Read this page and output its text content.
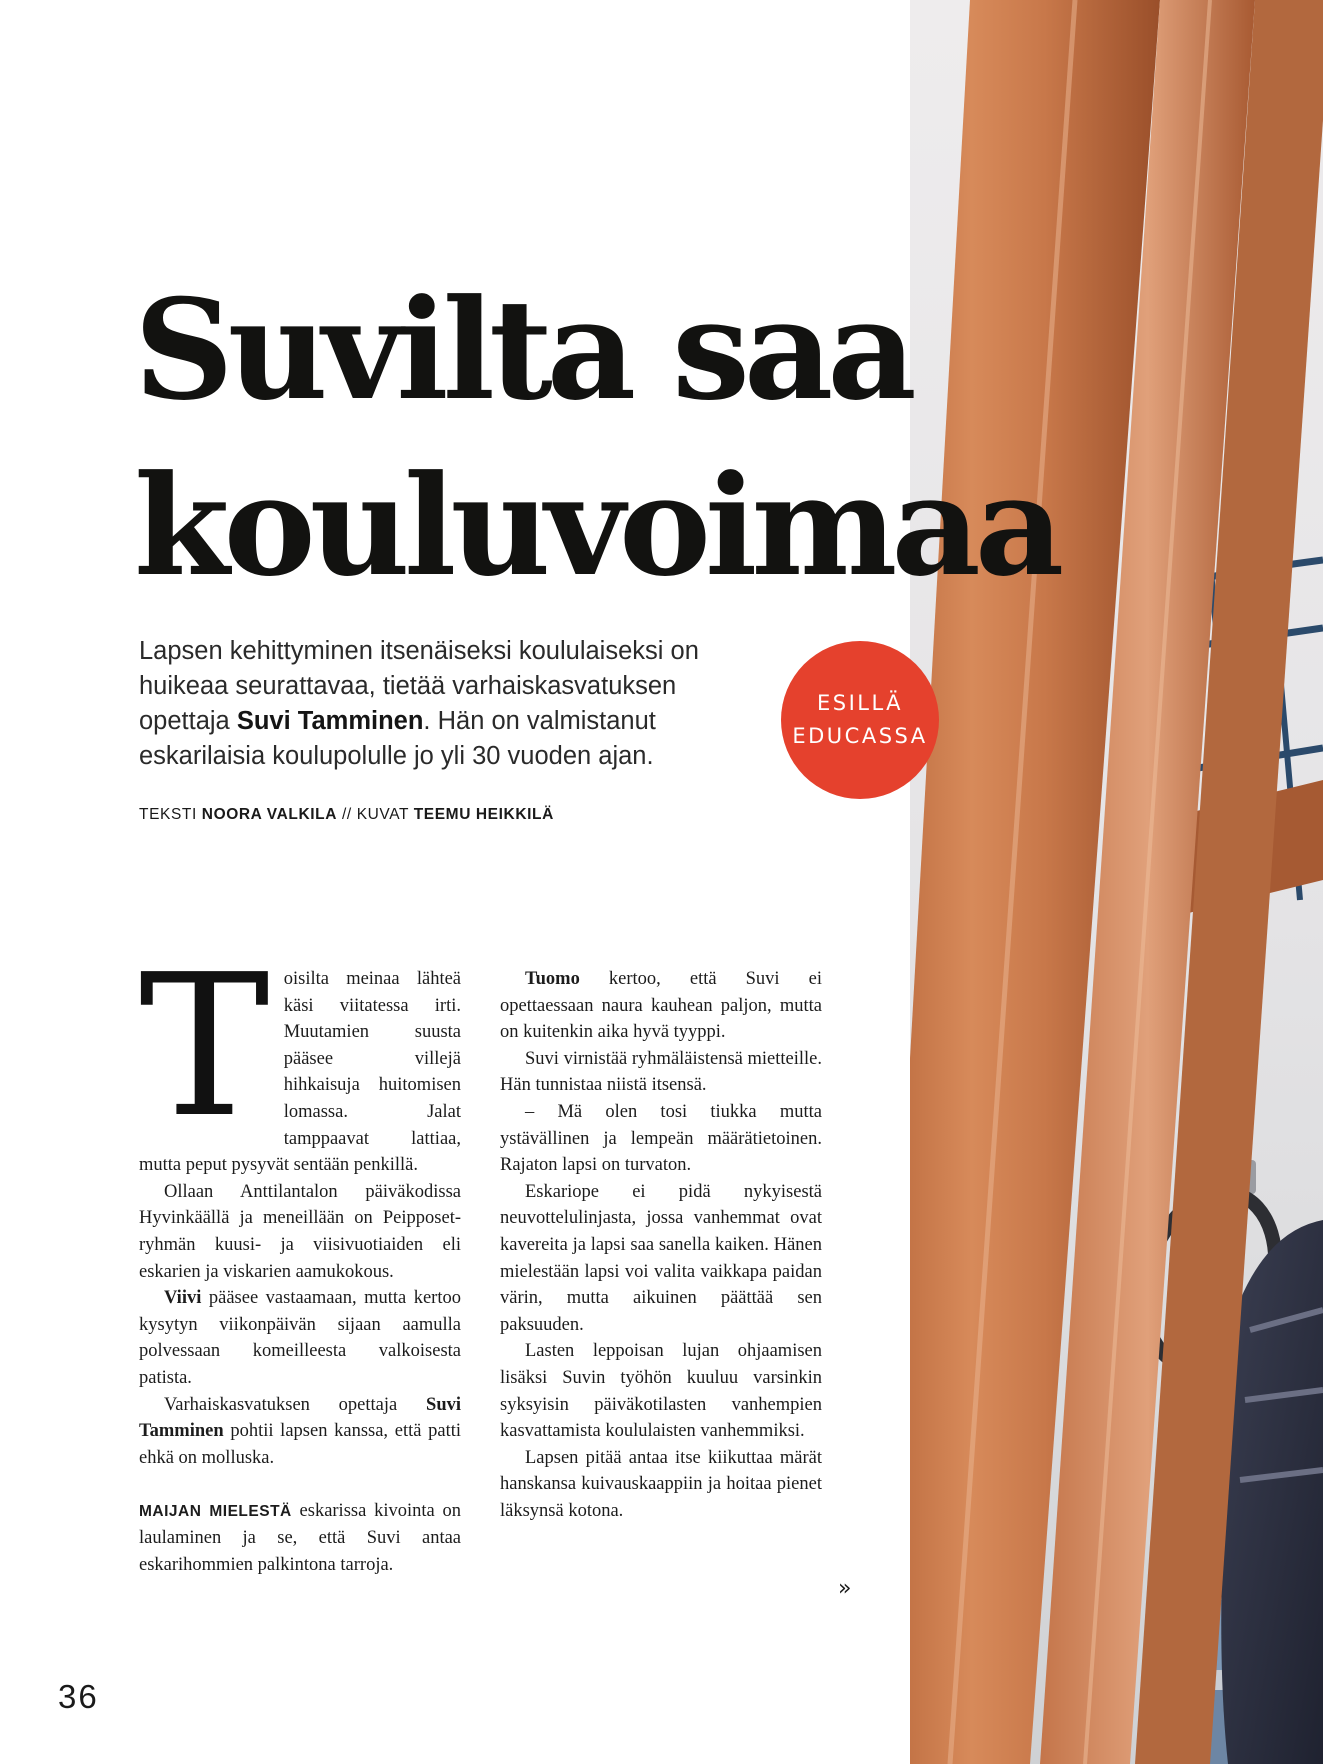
Suvilta saa
kouluvoimaa

Lapsen kehittyminen itsenäiseksi koululaiseksi on huikeaa seurattavaa, tietää varhaiskasvatuksen opettaja Suvi Tamminen. Hän on valmistanut eskarilaisia koulupolulle jo yli 30 vuoden ajan.

TEKSTI NOORA VALKILA // KUVAT TEEMU HEIKKILÄ
ESILLÄ
EDUCASSA

Toisilta meinaa lähteä käsi viitatessa irti. Muutamien suusta pääsee villejä hihkaisuja huitomisen lomassa. Jalat tamppaavat lattiaa, mutta peput pysyvät sentään penkillä.

Ollaan Anttilantalon päiväkodissa Hyvinkäällä ja meneillään on Peipposet-ryhmän kuusi- ja viisivuotiaiden eli eskarien ja viskarien aamukokous.

Viivi pääsee vastaamaan, mutta kertoo kysytyn viikonpäivän sijaan aamulla polvessaan komeilleesta valkoisesta patista.

Varhaiskasvatuksen opettaja Suvi Tamminen pohtii lapsen kanssa, että patti ehkä on molluska.

MAIJAN MIELESTÄ eskarissa kivointa on laulaminen ja se, että Suvi antaa eskarihommien palkintona tarroja.

Tuomo kertoo, että Suvi ei opettaessaan naura kauhean paljon, mutta on kuitenkin aika hyvä tyyppi.

Suvi virnistää ryhmäläistensä mietteille. Hän tunnistaa niistä itsensä.

– Mä olen tosi tiukka mutta ystävällinen ja lempeän määrätietoinen. Rajaton lapsi on turvaton.

Eskariope ei pidä nykyisestä neuvottelulinjasta, jossa vanhemmat ovat kavereita ja lapsi saa sanella kaiken. Hänen mielestään lapsi voi valita vaikkapa paidan värin, mutta aikuinen päättää sen paksuuden.

Lasten leppoisan lujan ohjaamisen lisäksi Suvin työhön kuuluu varsinkin syksyisin päiväkotilasten vanhempien kasvattamista koululaisten vanhemmiksi.

Lapsen pitää antaa itse kiikuttaa märät hanskansa kuivauskaappiin ja hoitaa pienet läksynsä kotona.

»
36
